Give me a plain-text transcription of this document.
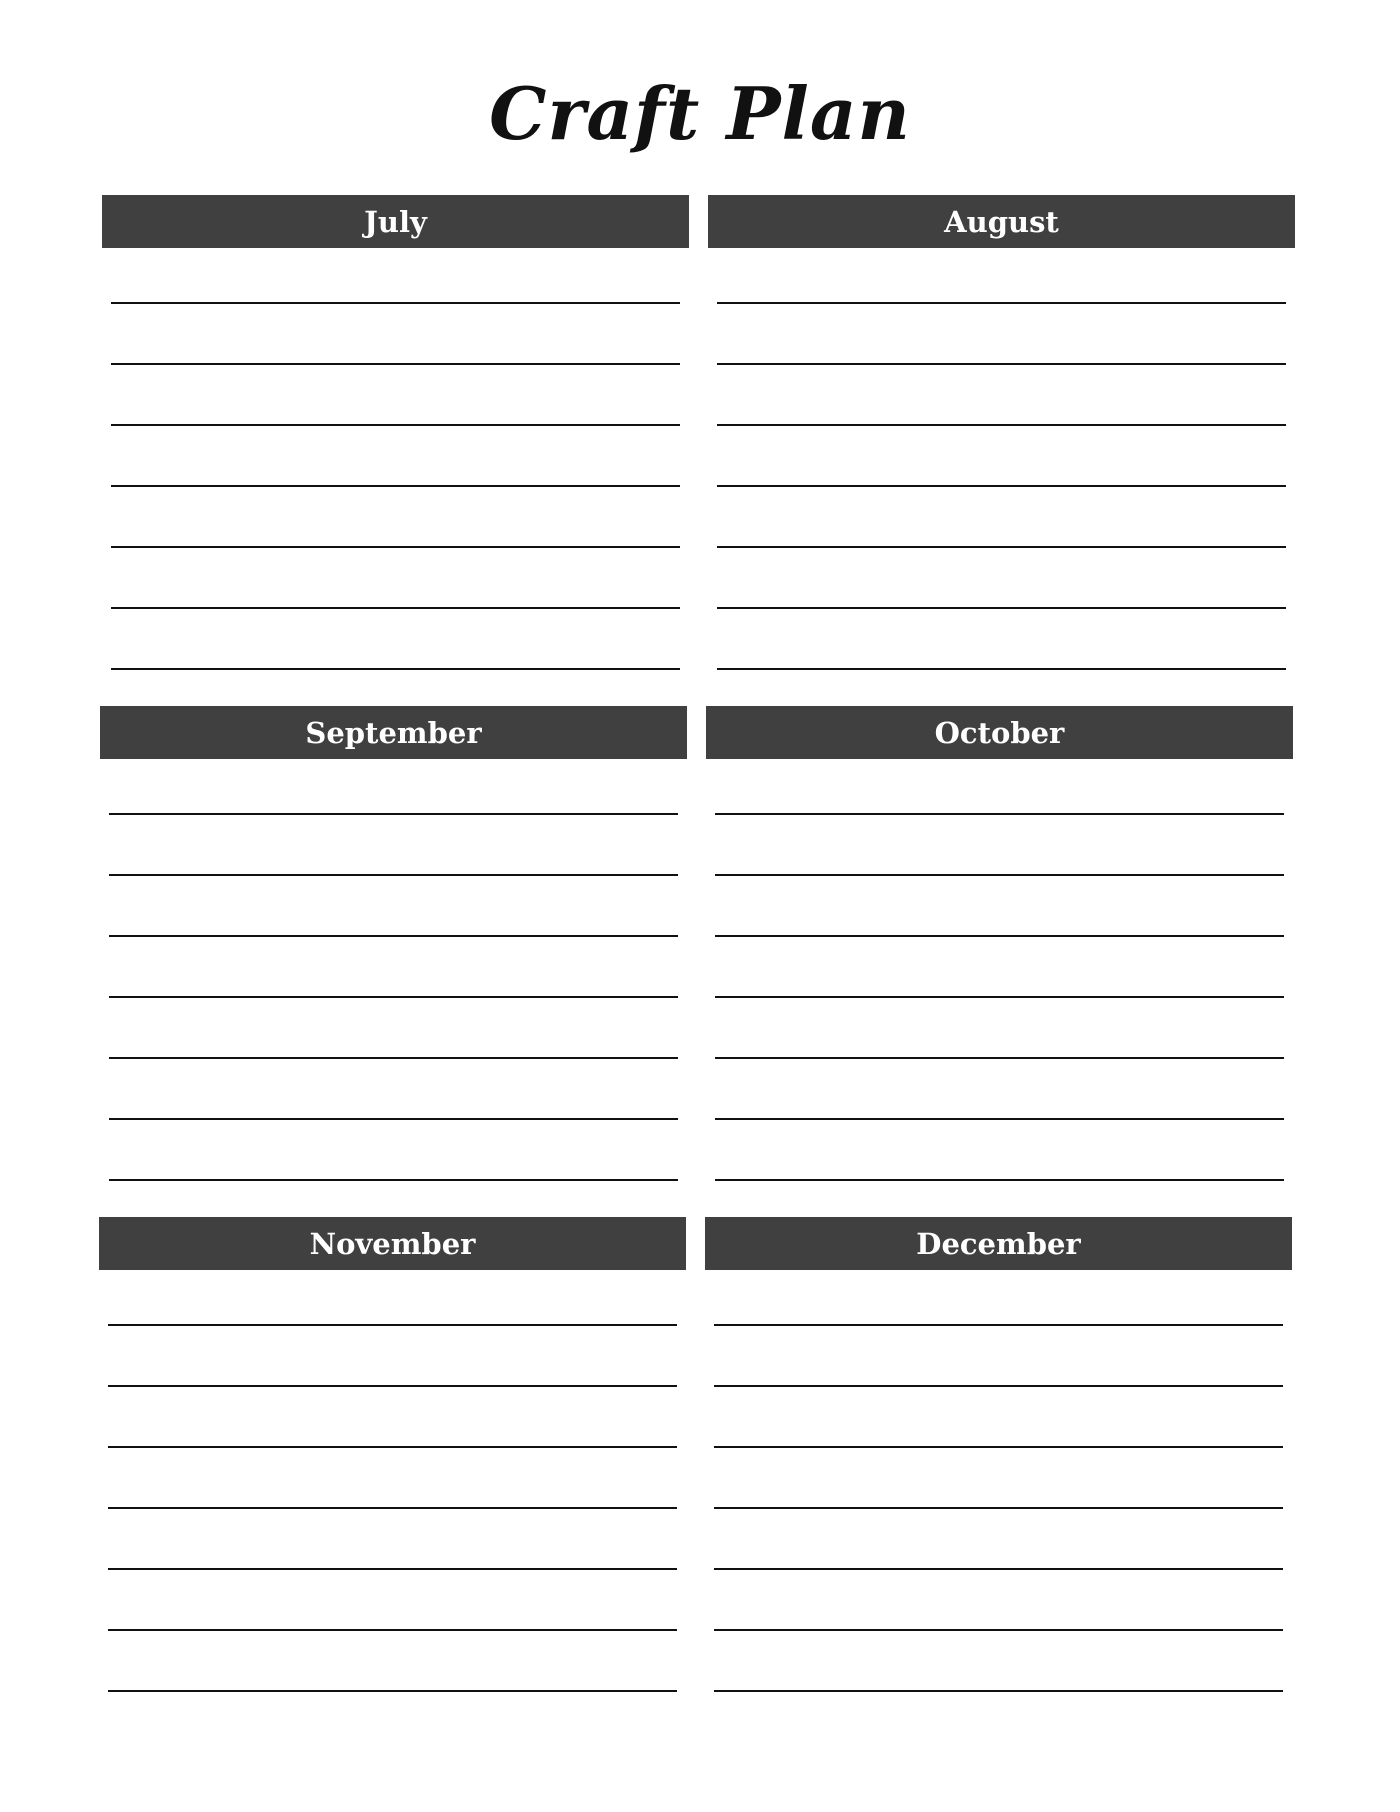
Craft Plan
July	August
September	October
November	December
